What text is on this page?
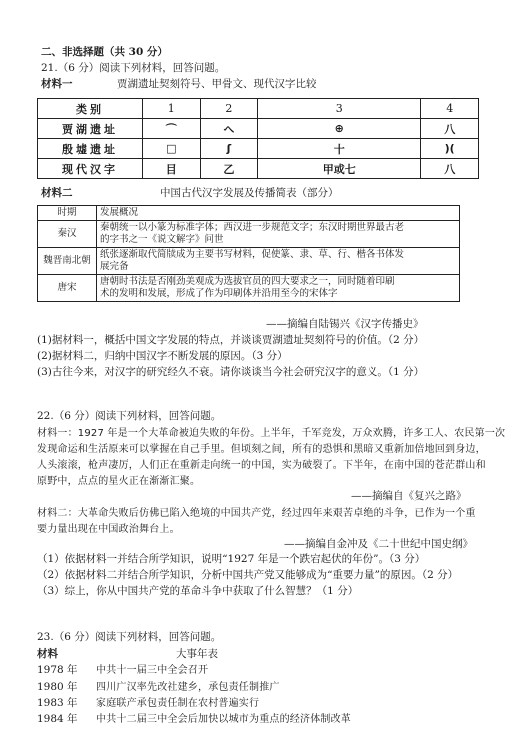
二、非选择题（共 30 分）
21.（6 分）阅读下列材料，回答问题。
材料一	贾湖遗址契刻符号、甲骨文、现代汉字比较
类别	1	2	3	4
贾湖遗址	⌒	ヘ	⊕	八
殷墟遗址	□	ʃ	十	)(
现代汉字	目	乙	甲或七	八
材料二	中国古代汉字发展及传播简表（部分）
时期	发展概况
秦汉	秦朝统一以小篆为标准字体；西汉进一步规范文字；东汉时期世界最古老
的字书之一《说文解字》问世

魏晋南北朝	纸张逐渐取代简牍成为主要书写材料，促使篆、隶、草、行、楷各书体发
展完备

唐宋	唐朝时书法是否刚劲美观成为选拔官员的四大要求之一，同时随着印刷
术的发明和发展，形成了作为印刷体并沿用至今的宋体字
——摘编自陆锡兴《汉字传播史》
(1)据材料一，概括中国文字发展的特点，并谈谈贾湖遗址契刻符号的价值。（2 分）
(2)据材料二，归纳中国汉字不断发展的原因。（3 分）
(3)古往今来，对汉字的研究经久不衰。请你谈谈当今社会研究汉字的意义。（1 分）
22.（6 分）阅读下列材料，回答问题。
材料一：1927 年是一个大革命被迫失败的年份。上半年，千军竞发，万众欢腾，许多工人、农民第一次
发现命运和生活原来可以掌握在自己手里。但顷刻之间，所有的恐惧和黑暗又重新加倍地回到身边，
人头滚滚，枪声凄厉，人们正在重新走向统一的中国，实为破裂了。下半年，在南中国的苍茫群山和
原野中，点点的星火正在渐渐汇聚。
——摘编自《复兴之路》
材料二：大革命失败后仿佛已陷入绝境的中国共产党，经过四年来艰苦卓绝的斗争，已作为一个重
要力量出现在中国政治舞台上。
——摘编自金冲及《二十世纪中国史纲》
（1）依据材料一并结合所学知识，说明“1927 年是一个跌宕起伏的年份”。（3 分）
（2）依据材料二并结合所学知识，分析中国共产党又能够成为“重要力量”的原因。（2 分）
（3）综上，你从中国共产党的革命斗争中获取了什么智慧？（1 分）
23.（6 分）阅读下列材料，回答问题。
材料	大事年表
1978 年 中共十一届三中全会召开
1980 年 四川广汉率先改社建乡，承包责任制推广
1983 年 家庭联产承包责任制在农村普遍实行
1984 年 中共十二届三中全会后加快以城市为重点的经济体制改革
